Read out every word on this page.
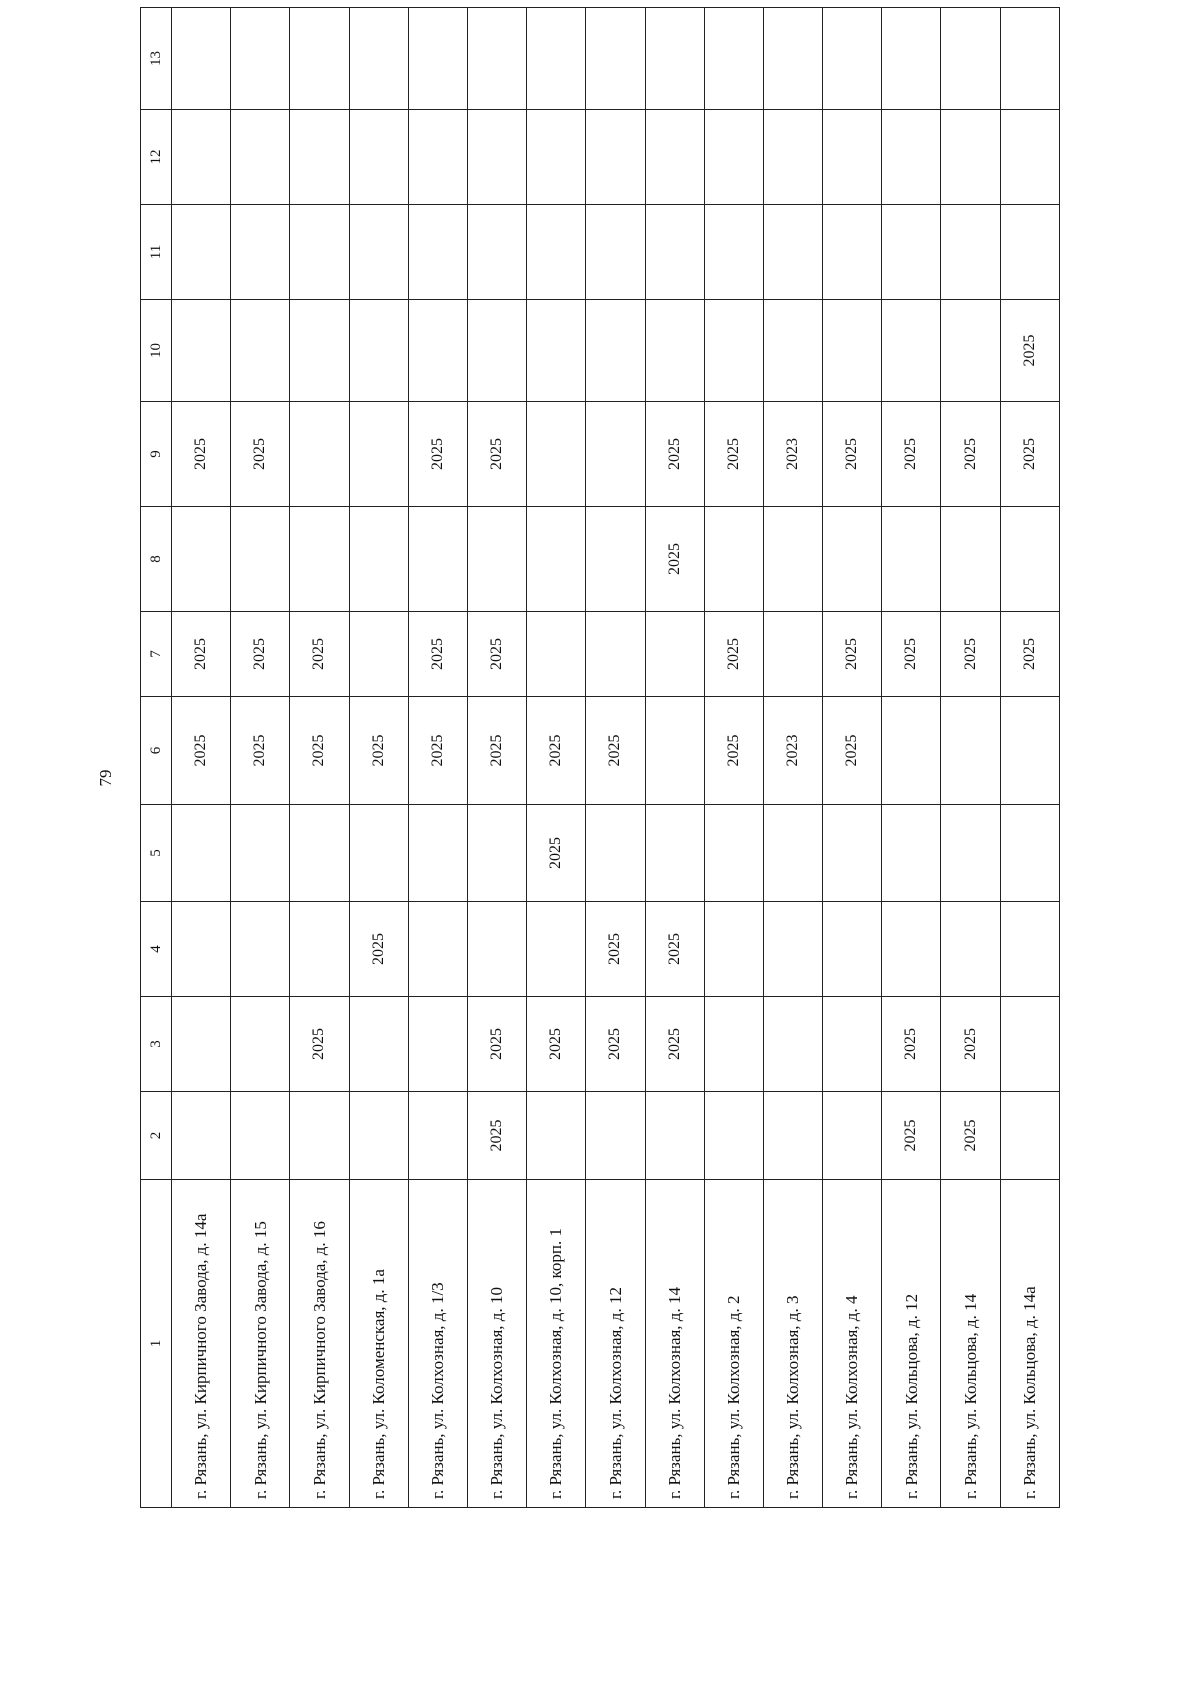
79
1	2	3	4	5	6	7	8	9	10	11	12	13
г. Рязань, ул. Кирпичного Завода, д. 14а					2025	2025		2025				
г. Рязань, ул. Кирпичного Завода, д. 15					2025	2025		2025				
г. Рязань, ул. Кирпичного Завода, д. 16		2025			2025	2025						
г. Рязань, ул. Коломенская, д. 1а			2025		2025							
г. Рязань, ул. Колхозная, д. 1/3					2025	2025		2025				
г. Рязань, ул. Колхозная, д. 10	2025	2025			2025	2025		2025				
г. Рязань, ул. Колхозная, д. 10, корп. 1		2025		2025	2025							
г. Рязань, ул. Колхозная, д. 12		2025	2025		2025							
г. Рязань, ул. Колхозная, д. 14		2025	2025				2025	2025				
г. Рязань, ул. Колхозная, д. 2					2025	2025		2025				
г. Рязань, ул. Колхозная, д. 3					2023			2023				
г. Рязань, ул. Колхозная, д. 4					2025	2025		2025				
г. Рязань, ул. Кольцова, д. 12	2025	2025				2025		2025				
г. Рязань, ул. Кольцова, д. 14	2025	2025				2025		2025				
г. Рязань, ул. Кольцова, д. 14а						2025		2025	2025			
